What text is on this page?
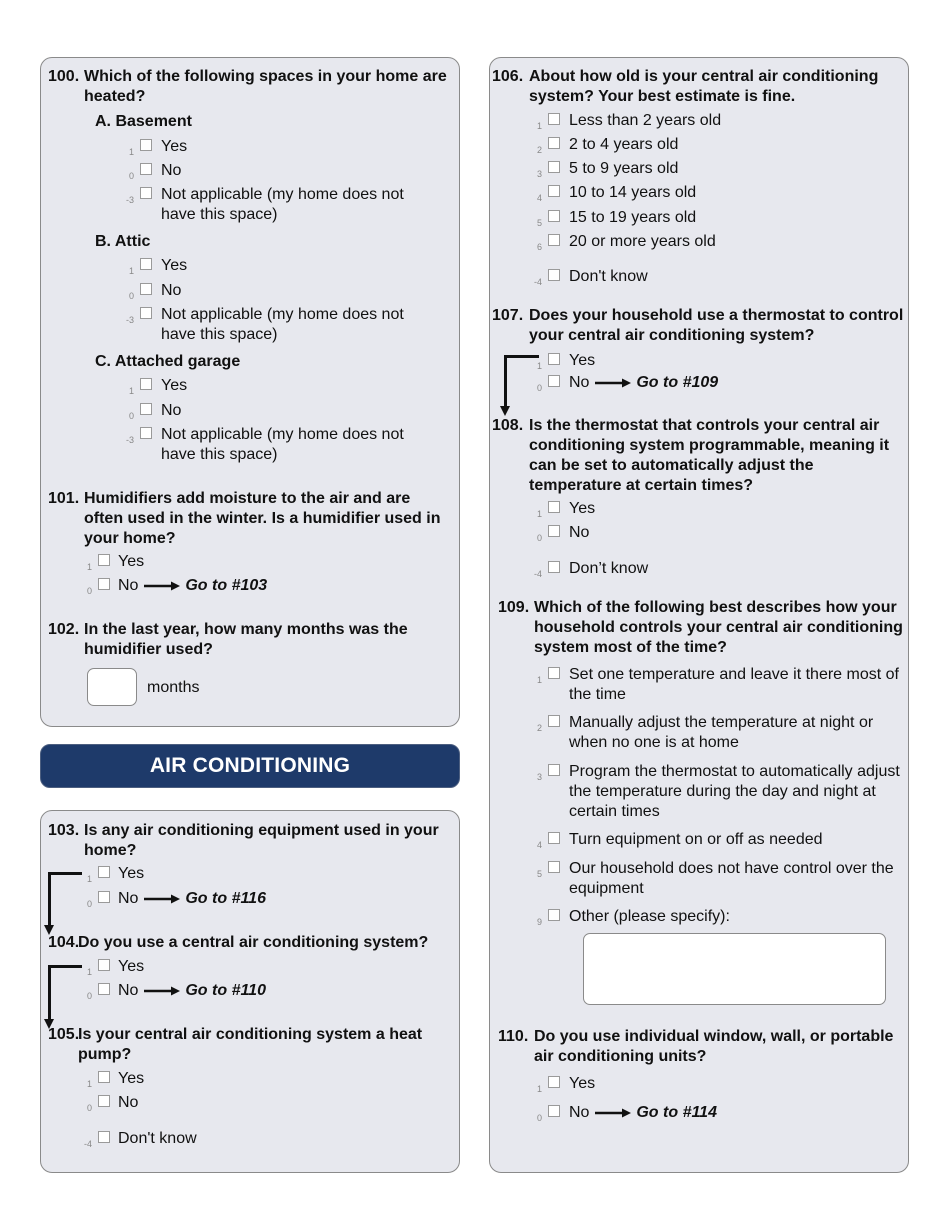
AIR CONDITIONING
100. Which of the following spaces in your home are heated?
A. Basement
1	Yes
0	No
-3	Not applicable (my home does not have this space)
B. Attic
1	Yes
0	No
-3	Not applicable (my home does not have this space)
C. Attached garage
1	Yes
0	No
-3	Not applicable (my home does not have this space)
101. Humidifiers add moisture to the air and are often used in the winter. Is a humidifier used in your home?
1	Yes
0	No	Go to #103
102. In the last year, how many months was the humidifier used?
months
103. Is any air conditioning equipment used in your home?
1	Yes
0	No	Go to #116
104.
Do you use a central air conditioning system?
1	Yes
0	No	Go to #110
105.
Is your central air conditioning system a heat pump?
1	Yes
0	No
-4	Don't know
106. About how old is your central air conditioning system? Your best estimate is fine.
1	Less than 2 years old
2	2 to 4 years old
3	5 to 9 years old
4	10 to 14 years old
5	15 to 19 years old
6	20 or more years old
-4	Don't know
107. Does your household use a thermostat to control your central air conditioning system?
1	Yes
0	No	Go to #109
108. Is the thermostat that controls your central air conditioning system programmable, meaning it can be set to automatically adjust the temperature at certain times?
1	Yes
0	No
-4	Don’t know
109. Which of the following best describes how your household controls your central air conditioning system most of the time?
1	Set one temperature and leave it there most of the time
2	Manually adjust the temperature at night or when no one is at home
3	Program the thermostat to automatically adjust the temperature during the day and night at certain times
4	Turn equipment on or off as needed
5	Our household does not have control over the equipment
9	Other (please specify):
110. Do you use individual window, wall, or portable air conditioning units?
1	Yes
0	No	Go to #114
